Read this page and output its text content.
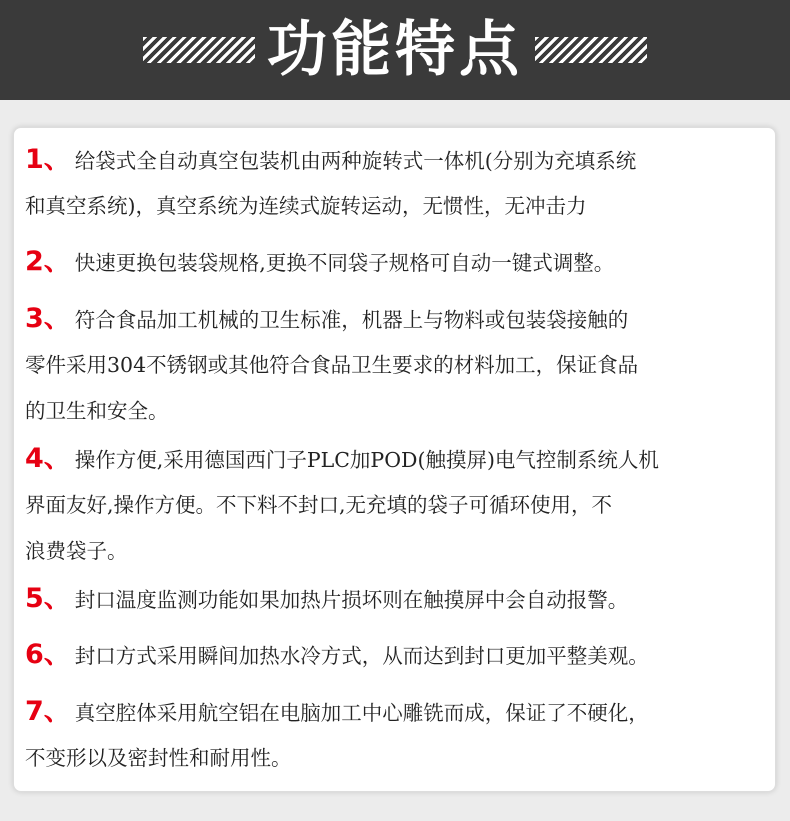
功能特点
1、 给袋式全自动真空包装机由两种旋转式一体机(分别为充填系统
和真空系统)，真空系统为连续式旋转运动，无惯性，无冲击力
2、 快速更换包装袋规格,更换不同袋子规格可自动一键式调整。
3、 符合食品加工机械的卫生标准，机器上与物料或包装袋接触的
零件采用304不锈钢或其他符合食品卫生要求的材料加工，保证食品
的卫生和安全。
4、 操作方便,采用德国西门子PLC加POD(触摸屏)电气控制系统人机
界面友好,操作方便。不下料不封口,无充填的袋子可循环使用，不
浪费袋子。
5、 封口温度监测功能如果加热片损坏则在触摸屏中会自动报警。
6、 封口方式采用瞬间加热水冷方式，从而达到封口更加平整美观。
7、 真空腔体采用航空铝在电脑加工中心雕铣而成，保证了不硬化，
不变形以及密封性和耐用性。
